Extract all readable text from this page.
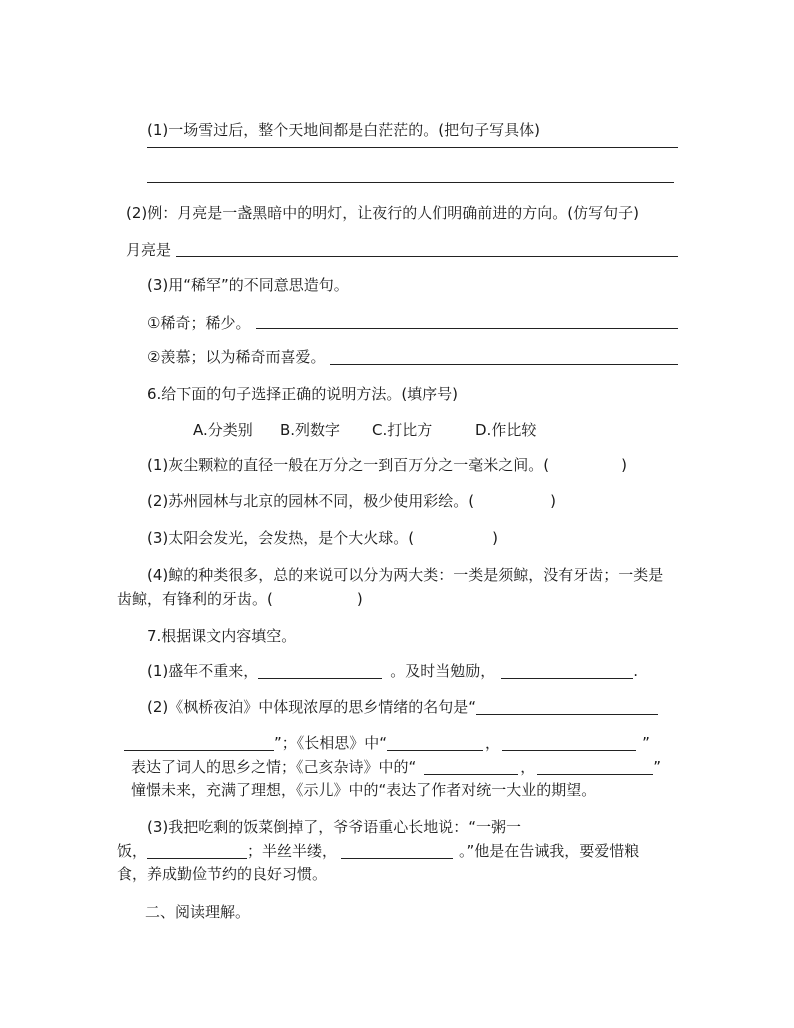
(1)一场雪过后，整个天地间都是白茫茫的。(把句子写具体)
(2)例：月亮是一盏黑暗中的明灯，让夜行的人们明确前进的方向。(仿写句子)
月亮是
(3)用“稀罕”的不同意思造句。
①稀奇；稀少。
②羡慕；以为稀奇而喜爱。
6.给下面的句子选择正确的说明方法。(填序号)
A.分类别 B.列数字 C.打比方	D.作比较
(1)灰尘颗粒的直径一般在万分之一到百万分之一毫米之间。(	)
(2)苏州园林与北京的园林不同，极少使用彩绘。(	)
(3)太阳会发光，会发热，是个大火球。(	)
(4)鲸的种类很多，总的来说可以分为两大类：一类是须鲸，没有牙齿；一类是
齿鲸，有锋利的牙齿。(	)
7.根据课文内容填空。
(1)盛年不重来，	。及时当勉励，	.
(2)《枫桥夜泊》中体现浓厚的思乡情绪的名句是“
”；《长相思》中“	，	”
表达了词人的思乡之情；《己亥杂诗》中的“	，	”
憧憬未来，充满了理想，《示儿》中的“表达了作者对统一大业的期望。
(3)我把吃剩的饭菜倒掉了，爷爷语重心长地说：“一粥一
饭，	；半丝半缕，	。”他是在告诫我，要爱惜粮
食，养成勤俭节约的良好习惯。
二、阅读理解。
